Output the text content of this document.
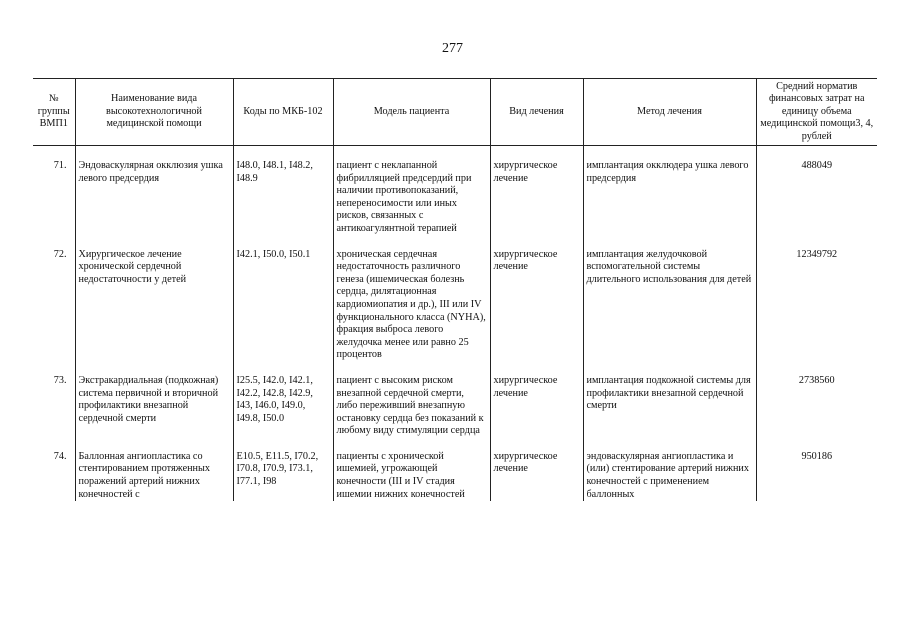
277
№ группы ВМП1	Наименование вида высокотехнологичной медицинской помощи	Коды по МКБ-102	Модель пациента	Вид лечения	Метод лечения	Средний норматив финансовых затрат на единицу объема медицинской помощи3, 4, рублей

71.	Эндоваскулярная окклюзия ушка левого предсердия	I48.0, I48.1, I48.2, I48.9	пациент с неклапанной фибрилляцией предсердий при наличии противопоказаний, непереносимости или иных рисков, связанных с антикоагулянтной терапией	хирургическое лечение	имплантация окклюдера ушка левого предсердия	488049

72.	Хирургическое лечение хронической сердечной недостаточности у детей	I42.1, I50.0, I50.1	хроническая сердечная недостаточность различного генеза (ишемическая болезнь сердца, дилятационная кардиомиопатия и др.), III или IV функционального класса (NYHA), фракция выброса левого желудочка менее или равно 25 процентов	хирургическое лечение	имплантация желудочковой вспомогательной системы длительного использования для детей	12349792

73.	Экстракардиальная (подкожная) система первичной и вторичной профилактики внезапной сердечной смерти	I25.5, I42.0, I42.1, I42.2, I42.8, I42.9, I43, I46.0, I49.0, I49.8, I50.0	пациент с высоким риском внезапной сердечной смерти, либо переживший внезапную остановку сердца без показаний к любому виду стимуляции сердца	хирургическое лечение	имплантация подкожной системы для профилактики внезапной сердечной смерти	2738560

74.	Баллонная ангиопластика со стентированием протяженных поражений артерий нижних конечностей с	E10.5, E11.5, I70.2, I70.8, I70.9, I73.1, I77.1, I98	пациенты с хронической ишемией, угрожающей конечности (III и IV стадия ишемии нижних конечностей	хирургическое лечение	эндоваскулярная ангиопластика и (или) стентирование артерий нижних конечностей с применением баллонных	950186
